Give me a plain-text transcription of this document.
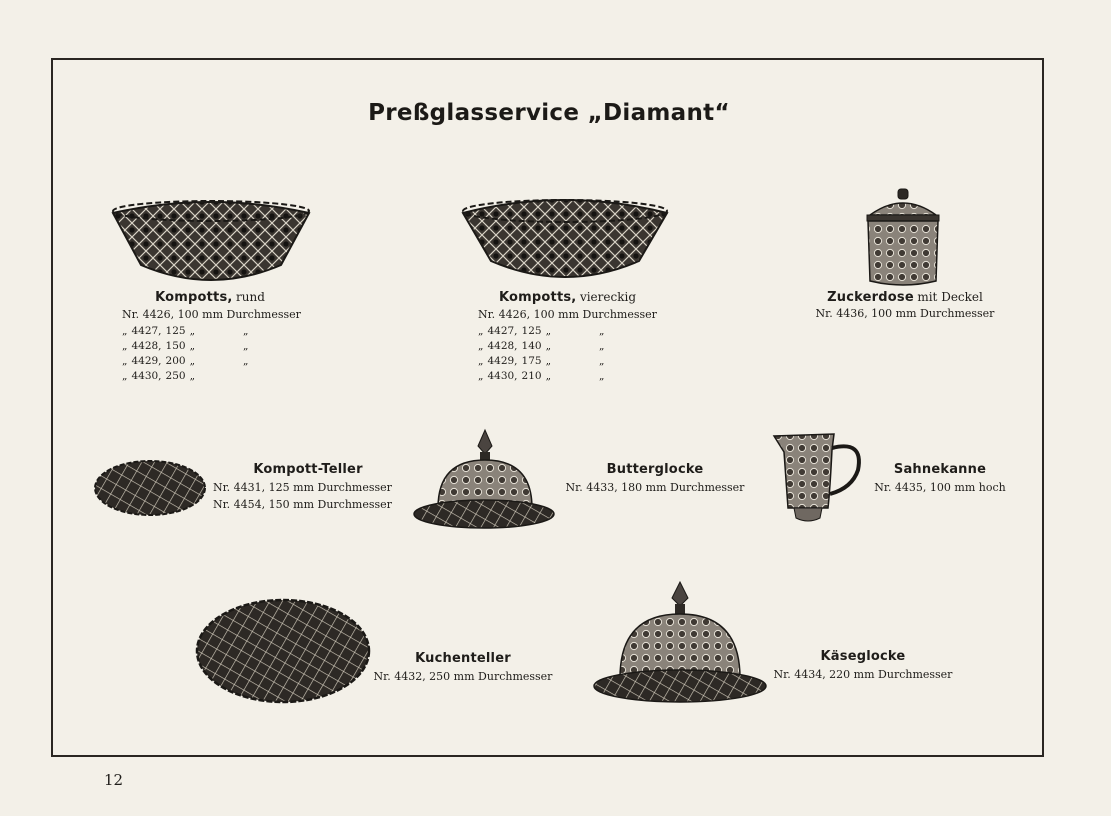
Preßglasservice „Diamant“
Kompotts, rund
Nr. 4426, 100 mm Durchmesser
„	4427,	125	„		„
„	4428,	150	„		„
„	4429,	200	„		„
„	4430,	250	„		
Kompotts, viereckig
Nr. 4426, 100 mm Durchmesser
„	4427,	125	„		„
„	4428,	140	„		„
„	4429,	175	„		„
„	4430,	210	„		„
Zuckerdose mit Deckel
Nr. 4436, 100 mm Durchmesser
Kompott-Teller
Nr. 4431, 125 mm Durchmesser
Nr. 4454, 150 mm Durchmesser
Butterglocke
Nr. 4433, 180 mm Durchmesser
Sahnekanne
Nr. 4435, 100 mm hoch
Kuchenteller
Nr. 4432, 250 mm Durchmesser
Käseglocke
Nr. 4434, 220 mm Durchmesser
12
